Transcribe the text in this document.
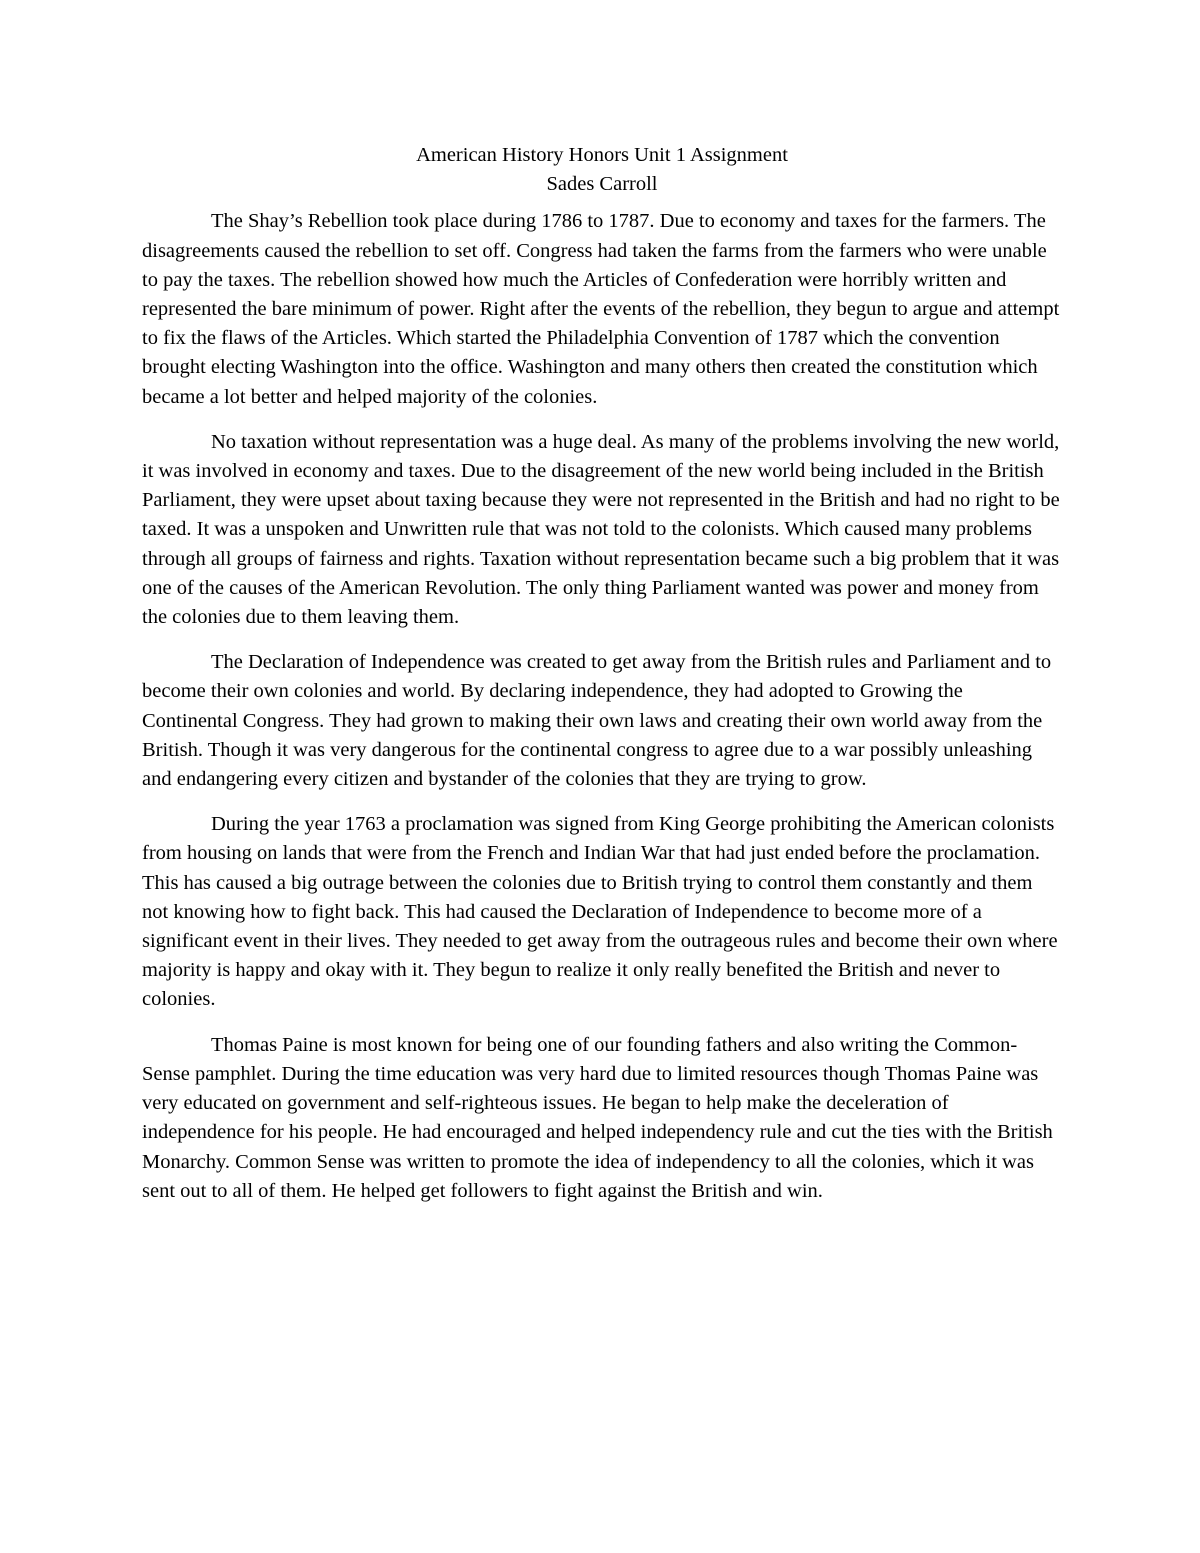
American History Honors Unit 1 Assignment

Sades Carroll

The Shay’s Rebellion took place during 1786 to 1787. Due to economy and taxes for the farmers. The disagreements caused the rebellion to set off. Congress had taken the farms from the farmers who were unable to pay the taxes. The rebellion showed how much the Articles of Confederation were horribly written and represented the bare minimum of power. Right after the events of the rebellion, they begun to argue and attempt to fix the flaws of the Articles. Which started the Philadelphia Convention of 1787 which the convention brought electing Washington into the office. Washington and many others then created the constitution which became a lot better and helped majority of the colonies.

No taxation without representation was a huge deal. As many of the problems involving the new world, it was involved in economy and taxes. Due to the disagreement of the new world being included in the British Parliament, they were upset about taxing because they were not represented in the British and had no right to be taxed. It was a unspoken and Unwritten rule that was not told to the colonists. Which caused many problems through all groups of fairness and rights. Taxation without representation became such a big problem that it was one of the causes of the American Revolution. The only thing Parliament wanted was power and money from the colonies due to them leaving them.

The Declaration of Independence was created to get away from the British rules and Parliament and to become their own colonies and world. By declaring independence, they had adopted to Growing the Continental Congress. They had grown to making their own laws and creating their own world away from the British. Though it was very dangerous for the continental congress to agree due to a war possibly unleashing and endangering every citizen and bystander of the colonies that they are trying to grow.

During the year 1763 a proclamation was signed from King George prohibiting the American colonists from housing on lands that were from the French and Indian War that had just ended before the proclamation. This has caused a big outrage between the colonies due to British trying to control them constantly and them not knowing how to fight back. This had caused the Declaration of Independence to become more of a significant event in their lives. They needed to get away from the outrageous rules and become their own where majority is happy and okay with it. They begun to realize it only really benefited the British and never to colonies.

Thomas Paine is most known for being one of our founding fathers and also writing the Common-Sense pamphlet. During the time education was very hard due to limited resources though Thomas Paine was very educated on government and self-righteous issues. He began to help make the deceleration of independence for his people. He had encouraged and helped independency rule and cut the ties with the British Monarchy. Common Sense was written to promote the idea of independency to all the colonies, which it was sent out to all of them. He helped get followers to fight against the British and win.
